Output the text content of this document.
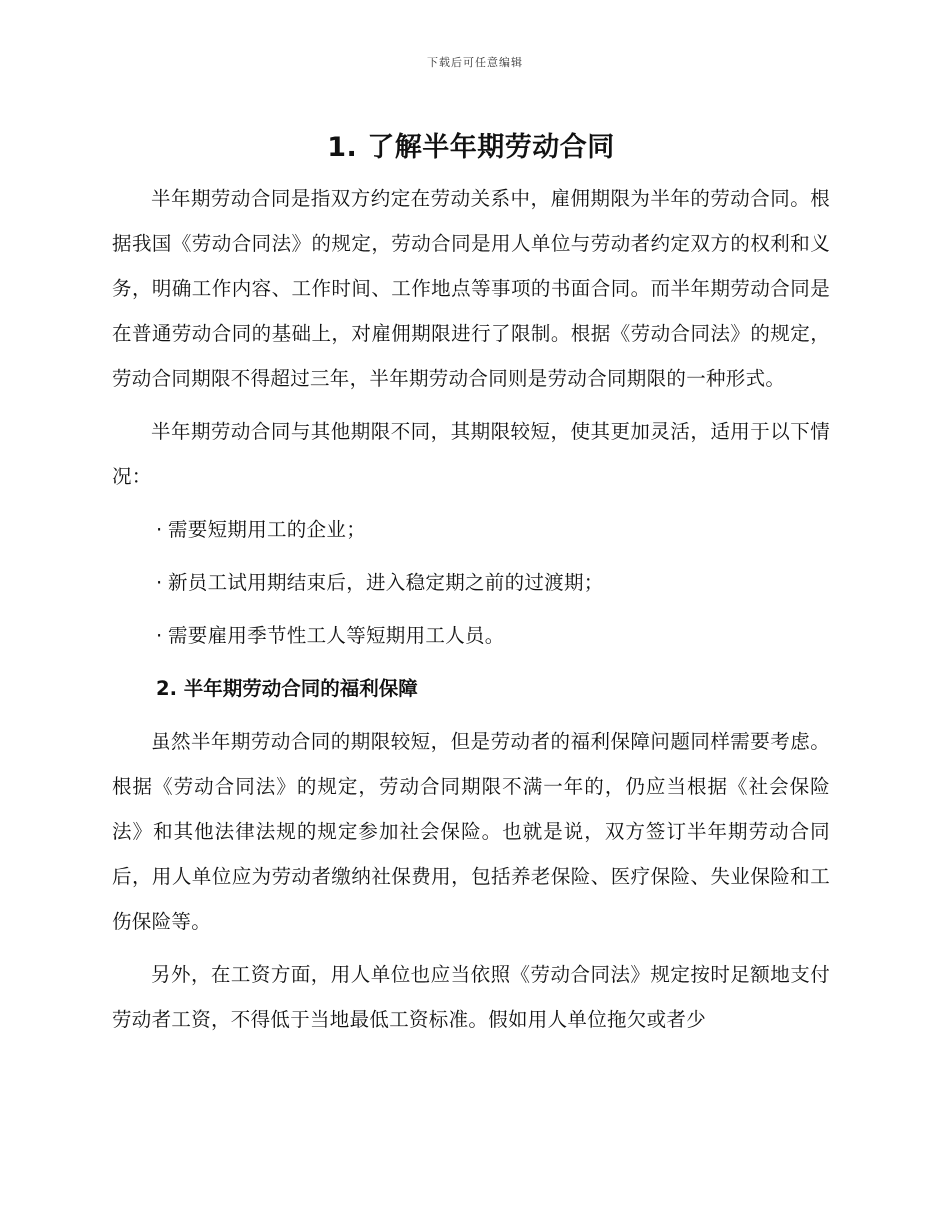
下载后可任意编辑
1. 了解半年期劳动合同

半年期劳动合同是指双方约定在劳动关系中，雇佣期限为半年的劳动合同。根据我国《劳动合同法》的规定，劳动合同是用人单位与劳动者约定双方的权利和义务，明确工作内容、工作时间、工作地点等事项的书面合同。而半年期劳动合同是在普通劳动合同的基础上，对雇佣期限进行了限制。根据《劳动合同法》的规定，劳动合同期限不得超过三年，半年期劳动合同则是劳动合同期限的一种形式。

半年期劳动合同与其他期限不同，其期限较短，使其更加灵活，适用于以下情况：

· 需要短期用工的企业；
· 新员工试用期结束后，进入稳定期之前的过渡期；
· 需要雇用季节性工人等短期用工人员。
2. 半年期劳动合同的福利保障

虽然半年期劳动合同的期限较短，但是劳动者的福利保障问题同样需要考虑。根据《劳动合同法》的规定，劳动合同期限不满一年的，仍应当根据《社会保险法》和其他法律法规的规定参加社会保险。也就是说，双方签订半年期劳动合同后，用人单位应为劳动者缴纳社保费用，包括养老保险、医疗保险、失业保险和工伤保险等。

另外，在工资方面，用人单位也应当依照《劳动合同法》规定按时足额地支付劳动者工资，不得低于当地最低工资标准。假如用人单位拖欠或者少
